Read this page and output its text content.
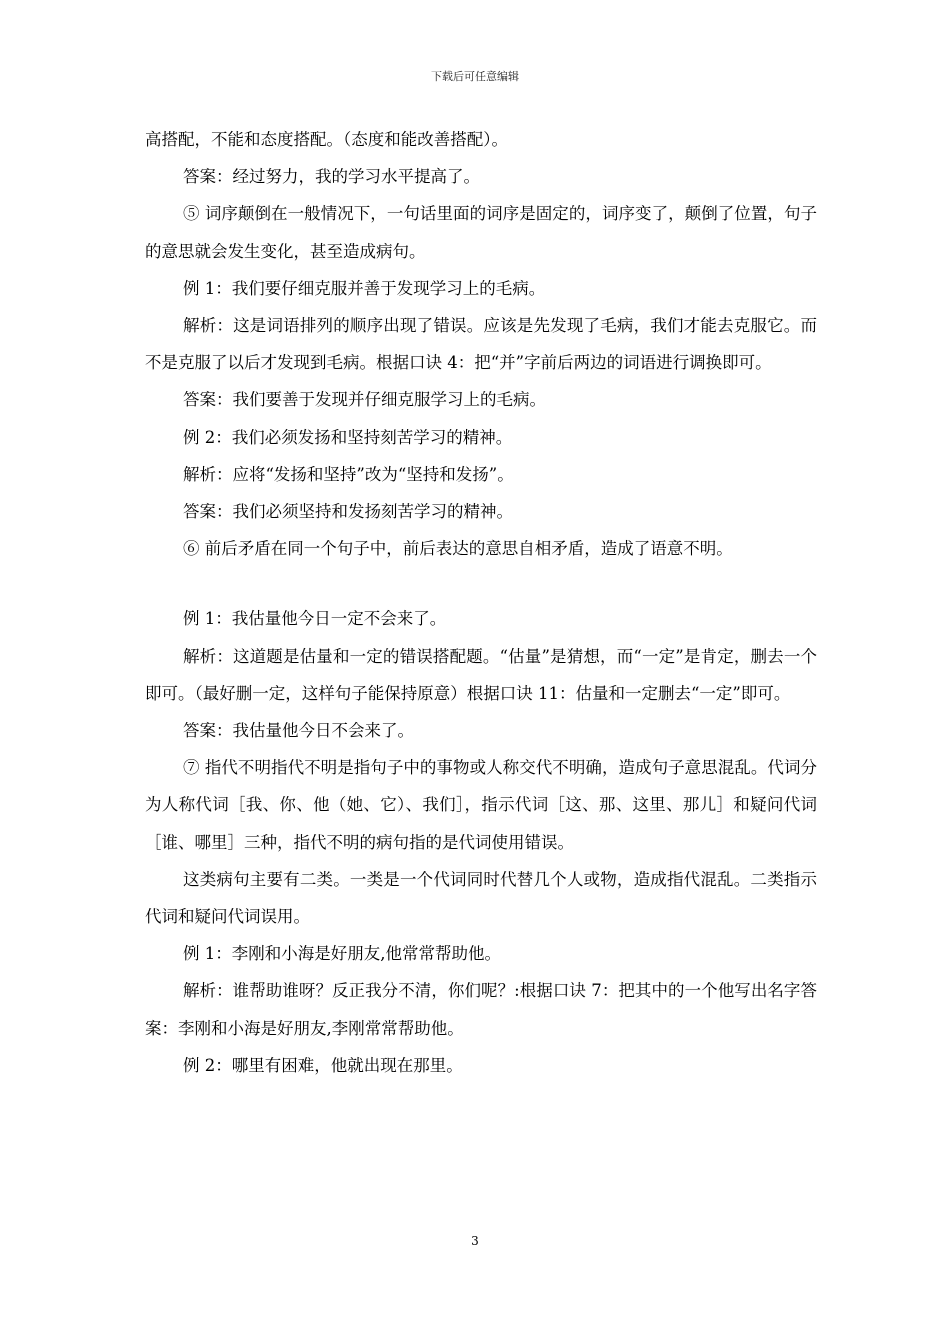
下载后可任意编辑

高搭配，不能和态度搭配。（态度和能改善搭配）。

答案：经过努力，我的学习水平提高了。

⑤ 词序颠倒在一般情况下，一句话里面的词序是固定的，词序变了，颠倒了位置，句子的意思就会发生变化，甚至造成病句。

例 1：我们要仔细克服并善于发现学习上的毛病。

解析：这是词语排列的顺序出现了错误。应该是先发现了毛病，我们才能去克服它。而不是克服了以后才发现到毛病。根据口诀 4：把“并”字前后两边的词语进行调换即可。

答案：我们要善于发现并仔细克服学习上的毛病。

例 2：我们必须发扬和坚持刻苦学习的精神。

解析：应将“发扬和坚持”改为“坚持和发扬”。

答案：我们必须坚持和发扬刻苦学习的精神。

⑥ 前后矛盾在同一个句子中，前后表达的意思自相矛盾，造成了语意不明。

例 1：我估量他今日一定不会来了。

解析：这道题是估量和一定的错误搭配题。“估量”是猜想，而“一定”是肯定，删去一个即可。（最好删一定，这样句子能保持原意）根据口诀 11：估量和一定删去“一定”即可。

答案：我估量他今日不会来了。

⑦ 指代不明指代不明是指句子中的事物或人称交代不明确，造成句子意思混乱。代词分为人称代词［我、你、他（她、它）、我们］，指示代词［这、那、这里、那儿］和疑问代词［谁、哪里］三种，指代不明的病句指的是代词使用错误。

这类病句主要有二类。一类是一个代词同时代替几个人或物，造成指代混乱。二类指示代词和疑问代词误用。

例 1：李刚和小海是好朋友,他常常帮助他。

解析：谁帮助谁呀？反正我分不清，你们呢？:根据口诀 7：把其中的一个他写出名字答案：李刚和小海是好朋友,李刚常常帮助他。

例 2：哪里有困难，他就出现在那里。

3
